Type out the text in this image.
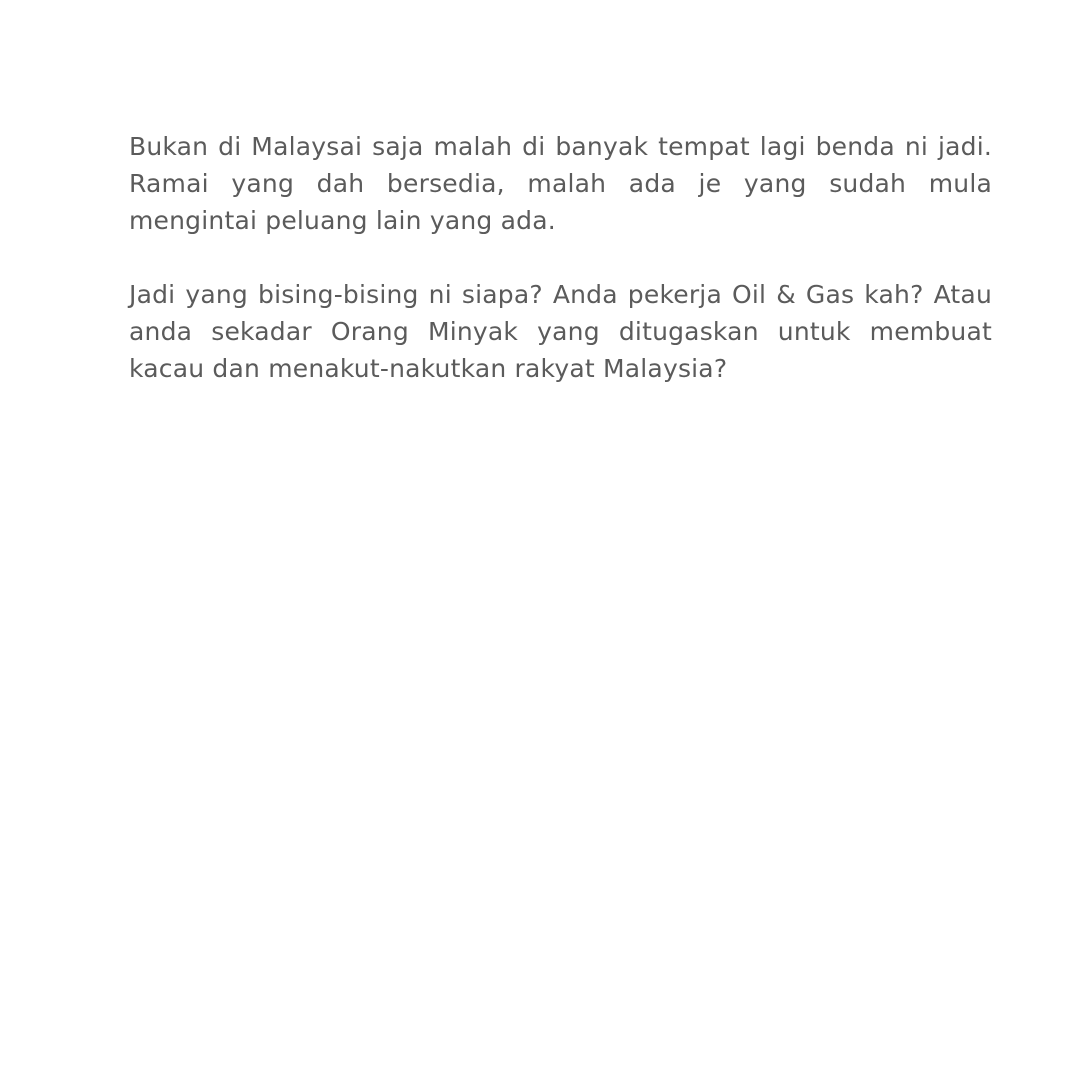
Bukan di Malaysai saja malah di banyak tempat lagi benda ni jadi. Ramai yang dah bersedia, malah ada je yang sudah mula mengintai peluang lain yang ada.

Jadi yang bising-bising ni siapa? Anda pekerja Oil & Gas kah? Atau anda sekadar Orang Minyak yang ditugaskan untuk membuat kacau dan menakut-nakutkan rakyat Malaysia?
